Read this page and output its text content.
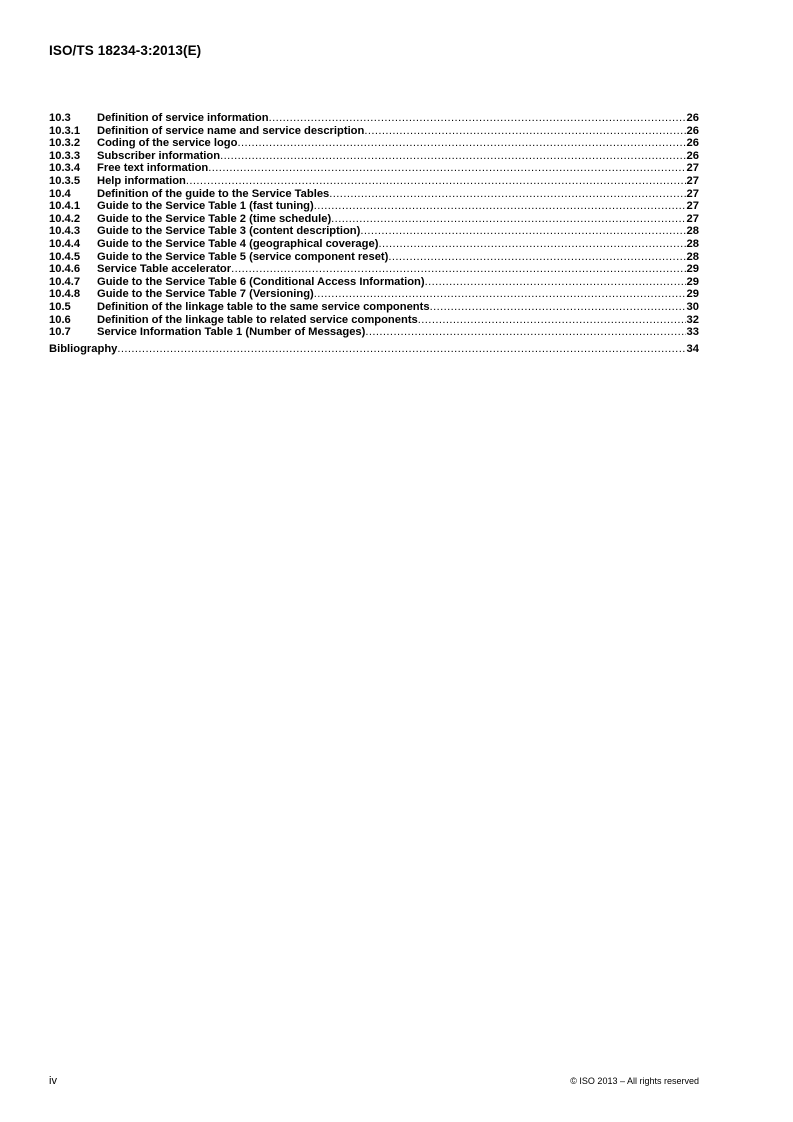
ISO/TS 18234-3:2013(E)
10.3	Definition of service information .....	26
10.3.1	Definition of service name and service description .....	26
10.3.2	Coding of the service logo .....	26
10.3.3	Subscriber information .....	26
10.3.4	Free text information .....	27
10.3.5	Help information .....	27
10.4	Definition of the guide to the Service Tables .....	27
10.4.1	Guide to the Service Table 1 (fast tuning) .....	27
10.4.2	Guide to the Service Table 2 (time schedule) .....	27
10.4.3	Guide to the Service Table 3 (content description) .....	28
10.4.4	Guide to the Service Table 4 (geographical coverage) .....	28
10.4.5	Guide to the Service Table 5 (service component reset) .....	28
10.4.6	Service Table accelerator .....	29
10.4.7	Guide to the Service Table 6 (Conditional Access Information) .....	29
10.4.8	Guide to the Service Table 7 (Versioning) .....	29
10.5	Definition of the linkage table to the same service components .....	30
10.6	Definition of the linkage table to related service components .....	32
10.7	Service Information Table 1 (Number of Messages) .....	33
Bibliography .....	34
iv	© ISO 2013 – All rights reserved
